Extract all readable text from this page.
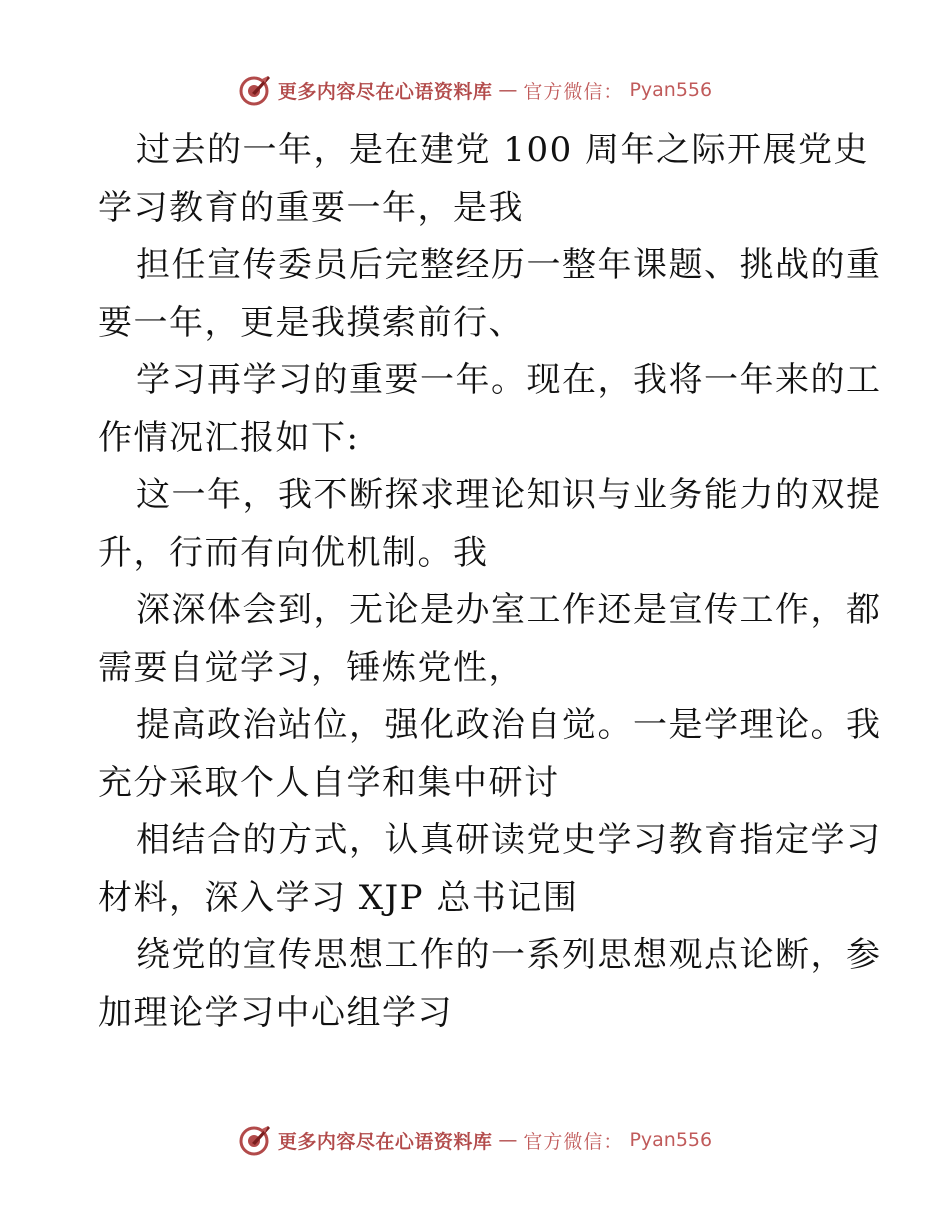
更多内容尽在心语资料库 — 官方微信： Pyan556
过去的一年，是在建党 100 周年之际开展党史
学习教育的重要一年，是我
担任宣传委员后完整经历一整年课题、挑战的重
要一年，更是我摸索前行、
学习再学习的重要一年。现在，我将一年来的工
作情况汇报如下:
这一年，我不断探求理论知识与业务能力的双提
升，行而有向优机制。我
深深体会到，无论是办室工作还是宣传工作，都
需要自觉学习，锤炼党性，
提高政治站位，强化政治自觉。一是学理论。我
充分采取个人自学和集中研讨
相结合的方式，认真研读党史学习教育指定学习
材料，深入学习 XJP 总书记围
绕党的宣传思想工作的一系列思想观点论断，参
加理论学习中心组学习
更多内容尽在心语资料库 — 官方微信： Pyan556
